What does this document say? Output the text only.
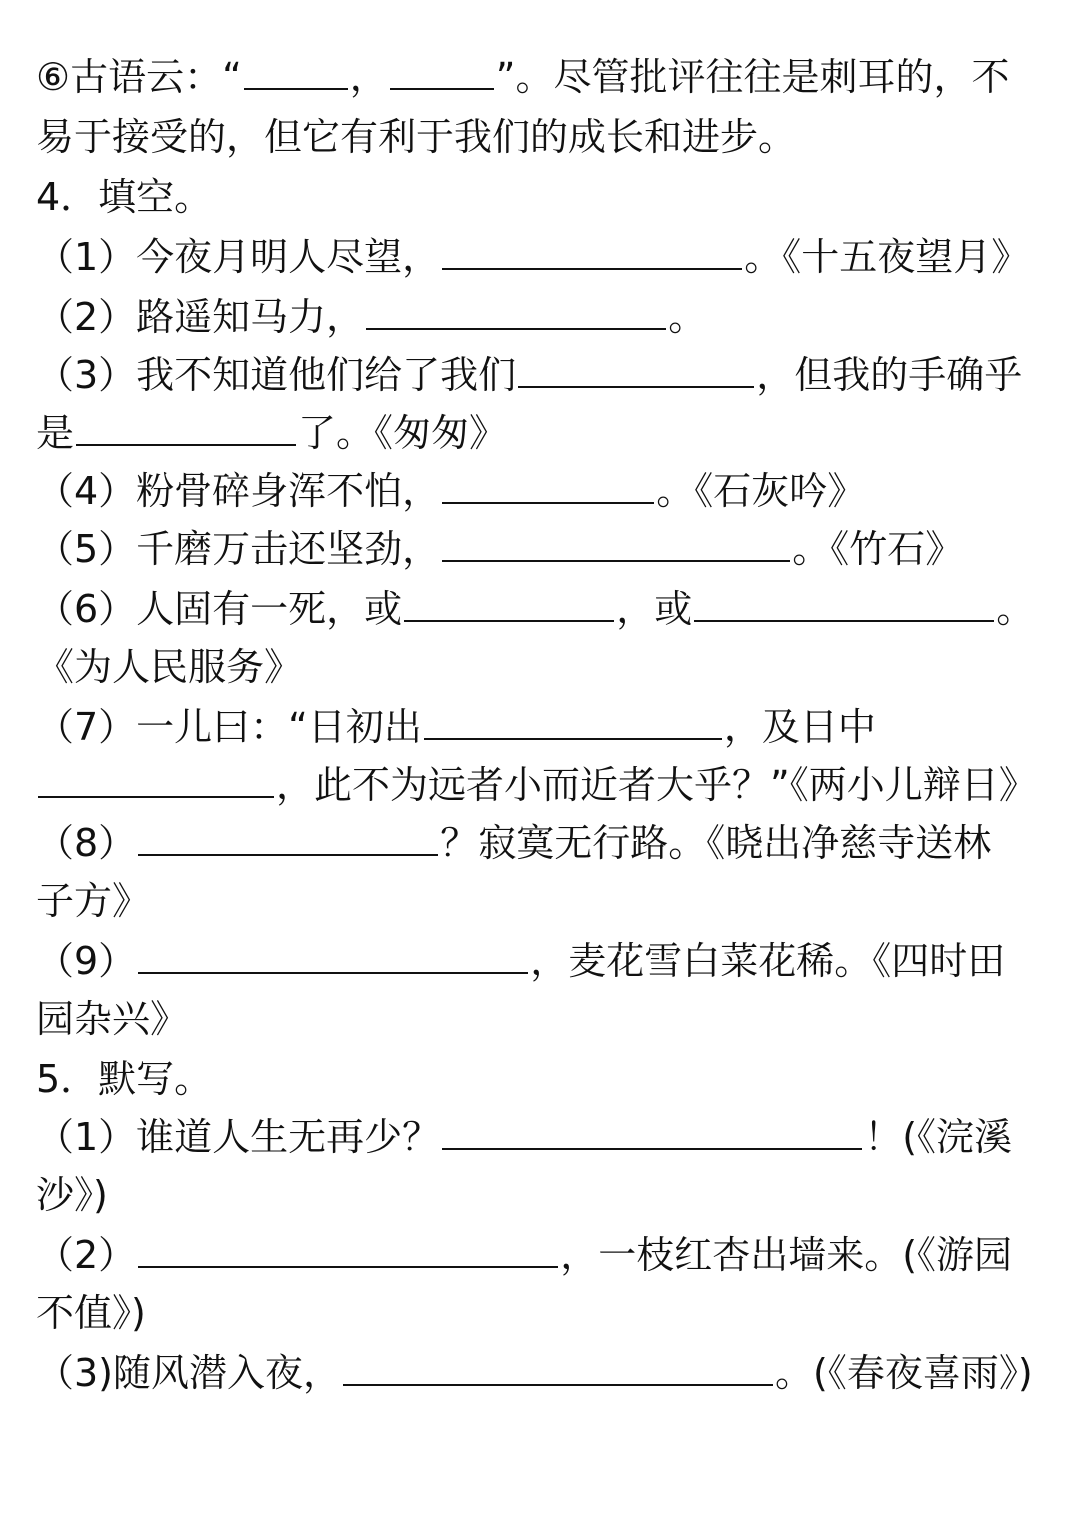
⑥古语云：“	，	”。尽管批评往往是刺耳的，不
易于接受的，但它有利于我们的成长和进步。
4．填空。
（1）今夜月明人尽望，	。《十五夜望月》
（2）路遥知马力，	。
（3）我不知道他们给了我们	，但我的手确乎
是	了。《匆匆》
（4）粉骨碎身浑不怕，	。《石灰吟》
（5）千磨万击还坚劲，	。《竹石》
（6）人固有一死，或	，或	。
《为人民服务》
（7）一儿曰：“日初出	，及日中
，此不为远者小而近者大乎？”《两小儿辩日》
（8）	？寂寞无行路。《晓出净慈寺送林
子方》
（9）	，麦花雪白菜花稀。《四时田
园杂兴》
5．默写。
（1）谁道人生无再少？	！(《浣溪
沙》)
（2）	，一枝红杏出墙来。(《游园
不值》)
（3)随风潜入夜，	。(《春夜喜雨》)
